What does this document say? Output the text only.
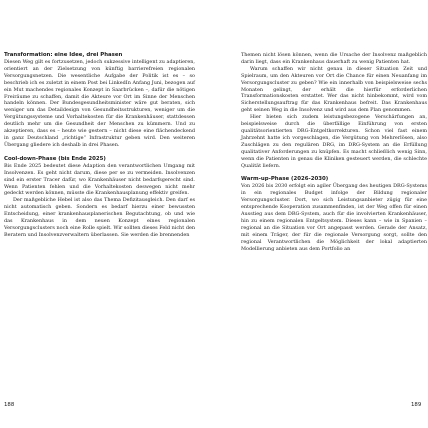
Transformation: eine Idee, drei Phasen

Diesen Weg gilt es fortzusetzen, jedoch sukzessive intelligent zu adaptieren, orientiert an der Zielsetzung von künftig barrierefreien regionalen Versorgungsnetzen. Die wesentliche Aufgabe der Politik ist es – so beschrieb ich es zuletzt in einem Post bei LinkedIn Anfang Juni, bezogen auf ein Mut machendes regionales Konzept in Saarbrücken –, dafür die nötigen Freiräume zu schaffen, damit die Akteure vor Ort im Sinne der Menschen handeln können. Der Bundesgesundheitsminister wäre gut beraten, sich weniger um das Detaildesign von Gesundheitsstrukturen, weniger um die Vergütungssysteme und Vorhaltekosten für die Krankenhäuser, stattdessen deutlich mehr um die Gesundheit der Menschen zu kümmern. Und zu akzeptieren, dass es – heute wie gestern – nicht diese eine flächendeckend in ganz Deutschland „richtige“ Infrastruktur geben wird. Den weiteren Übergang gliedere ich deshalb in drei Phasen.

Cool-down-Phase (bis Ende 2025)

Bis Ende 2025 bedeutet diese Adaption den verantwortlichen Umgang mit Insolvenzen. Es geht nicht darum, diese per se zu vermeiden. Insolvenzen sind ein erster Tracer dafür, wo Krankenhäuser nicht bedarfsgerecht sind. Wenn Patienten fehlen und die Vorhaltekosten deswegen nicht mehr gedeckt werden können, müsste die Krankenhausplanung effektiv greifen.

Der maßgebliche Hebel ist also das Thema Defizitausgleich. Den darf es nicht automatisch geben. Sondern es bedarf hierzu einer bewussten Entscheidung, einer krankenhausplanerischen Begutachtung, ob und wie das Krankenhaus in dem neuen Konzept eines regionalen Versorgungsclusters noch eine Rolle spielt. Wir sollten dieses Feld nicht den Beratern und Insolvenzverwaltern überlassen. Sie werden die brennenden

Themen nicht lösen können, wenn die Ursache der Insolvenz maßgeblich darin liegt, dass ein Krankenhaus dauerhaft zu wenig Patienten hat.

Warum schaffen wir nicht genau in dieser Situation Zeit und Spielraum, um den Akteuren vor Ort die Chance für einen Neuanfang im Versorgungscluster zu geben? Wie ein innerhalb von beispielsweise sechs Monaten gelingt, der erhält die hierfür erforderlichen Transformationskosten erstattet. Wer das nicht hinbekommt, wird vom Sicherstellungsauftrag für das Krankenhaus befreit. Das Krankenhaus geht seinen Weg in die Insolvenz und wird aus dem Plan genommen.

Hier bieten sich zudem leistungsbezogene Verschärfungen an, beispielsweise durch die überfällige Einführung von ersten qualitätsorientierten DRG-Entgeltkorrekturen. Schon viel fast einem Jahrzehnt hatte ich vorgeschlagen, die Vergütung von Mehrerlösen, also Zuschlägen zu den regulären DRG, im DRG-System an die Erfüllung qualitativer Anforderungen zu knüpfen. Es macht schließlich wenig Sinn, wenn die Patienten in genau die Kliniken gesteuert werden, die schlechte Qualität liefern.

Warm-up-Phase (2026-2030)

Von 2026 bis 2030 erfolgt ein agiler Übergang des heutigen DRG-Systems in ein regionales Budget infolge der Bildung regionaler Versorgungscluster. Dort, wo sich Leistungsanbieter zügig für eine entsprechende Kooperation zusammenfinden, ist der Weg offen für einen Ausstieg aus dem DRG-System, auch für die involvierten Krankenhäuser, hin zu einem regionalen Entgeltsystem. Dieses kann – wie in Spanien – regional an die Situation vor Ort angepasst werden. Gerade der Ansatz, mit einem Träger, der für die regionale Versorgung sorgt, sollte den regional Verantwortlichen die Möglichkeit der lokal adaptierten Modellierung anbieten aus dem Portfolio an

188	189
